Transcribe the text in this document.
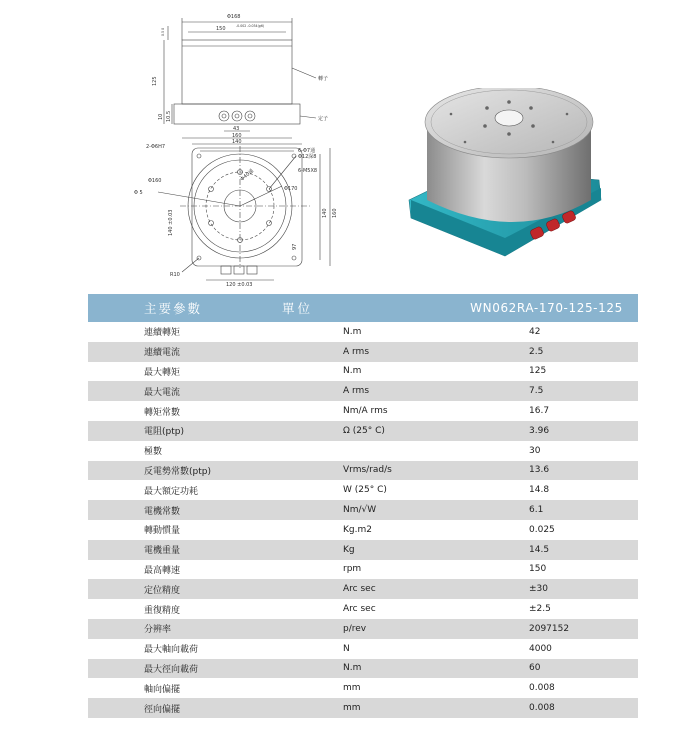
Φ168
150	-0.002 -0.034(g6)
125
10 10.5
0.5 0
轉子
定子
43
160
140
2-Φ6H7
6-Φ7通
Φ12深8
6-M5X8
Φ160
Φ170
Φ40通
Φ 5
140 ±0.03	140 160
97
R10
120 ±0.03
主要參數	單位	WN062RA-170-125-125
連續轉矩	N.m	42
連續電流	A rms	2.5
最大轉矩	N.m	125
最大電流	A rms	7.5
轉矩常數	Nm/A rms	16.7
電阻(ptp)	Ω (25° C)	3.96
極數		30
反電勢常數(ptp)	Vrms/rad/s	13.6
最大額定功耗	W (25° C)	14.8
電機常數	Nm/√W	6.1
轉動慣量	Kg.m2	0.025
電機重量	Kg	14.5
最高轉速	rpm	150
定位精度	Arc sec	±30
重復精度	Arc sec	±2.5
分辨率	p/rev	2097152
最大軸向載荷	N	4000
最大徑向載荷	N.m	60
軸向偏擺	mm	0.008
徑向偏擺	mm	0.008
